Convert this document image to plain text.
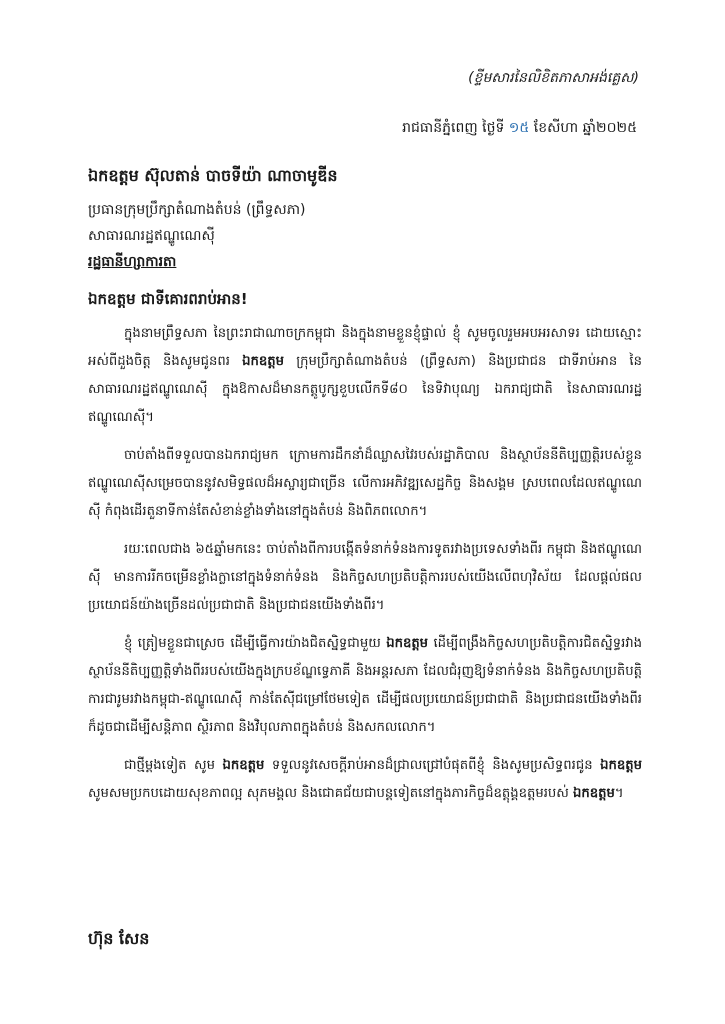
(ខ្ទីមសារនៃលិខិតភាសាអង់គ្លេស)
រាជធានីភ្នំពេញ ថ្ងៃទី ១៥ ខែសីហា ឆ្នាំ២០២៥
ឯកឧត្តម ស៊ុលតាន់ បាចទីយ៉ា ណាចាមូឌីន
ប្រធានក្រុមប្រឹក្សាតំណាងតំបន់ (ព្រឹទ្ធសភា)
សាធារណរដ្ឋឥណ្ឌូណេស៊ី
រដ្ឋធានីហ្សាការតា
ឯកឧត្តម ជាទីគោរពរាប់អាន!

ក្នុងនាមព្រឹទ្ធសភា នៃព្រះរាជាណាចក្រកម្ពុជា និងក្នុងនាមខ្លួនខ្ញុំផ្ទាល់ ខ្ញុំ សូមចូលរួមអបអរសាទរ ដោយស្មោះអស់ពីដួងចិត្ត និងសូមជូនពរ ឯកឧត្តម ក្រុមប្រឹក្សាតំណាងតំបន់ (ព្រឹទ្ធសភា) និងប្រជាជន ជាទីរាប់អាន នៃសាធារណរដ្ឋឥណ្ឌូណេស៊ី ក្នុងឱកាសដ៏មានកត្តូបូក្សខួបលើកទី៨០ នៃទិវាបុណ្យ ឯករាជ្យជាតិ នៃសាធារណរដ្ឋឥណ្ឌូណេស៊ី។

ចាប់តាំងពីទទួលបានឯករាជ្យមក ក្រោមការដឹកនាំដ៏ឈ្លាសវៃរបស់រដ្ឋាភិបាល និងស្ថាប័ននីតិប្បញ្ញត្តិរបស់ខ្លួន ឥណ្ឌូណេស៊ីសម្រេចបាននូវសមិទ្ធផលដ៏អស្ចារ្យជាច្រើន លើការអភិវឌ្ឍសេដ្ឋកិច្ច និងសង្គម ស្របពេលដែលឥណ្ឌូណេស៊ី កំពុងដើរតួនាទីកាន់តែសំខាន់ខ្លាំងទាំងនៅក្នុងតំបន់ និងពិភពលោក។

រយៈពេលជាង ៦៥ឆ្នាំមកនេះ ចាប់តាំងពីការបង្កើតទំនាក់ទំនងការទូតរវាងប្រទេសទាំងពីរ កម្ពុជា និងឥណ្ឌូណេស៊ី មានការរីកចម្រើនខ្លាំងក្លានៅក្នុងទំនាក់ទំនង និងកិច្ចសហប្រតិបត្តិការរបស់យើងលើពហុវិស័យ ដែលផ្តល់ផលប្រយោជន៍យ៉ាងច្រើនដល់ប្រជាជាតិ និងប្រជាជនយើងទាំងពីរ។

ខ្ញុំ ត្រៀមខ្លួនជាស្រេច ដើម្បីធ្វើការយ៉ាងជិតស្និទ្ធជាមួយ ឯកឧត្តម ដើម្បីពង្រឹងកិច្ចសហប្រតិបត្តិការជិតស្និទ្ធរវាងស្ថាប័ននីតិប្បញ្ញត្តិទាំងពីររបស់យើងក្នុងក្របខ័ណ្ឌទ្វេភាគី និងអន្តរសភា ដែលជំរុញឱ្យទំនាក់ទំនង និងកិច្ចសហប្រតិបត្តិការជារូមរវាងកម្ពុជា-ឥណ្ឌូណេស៊ី កាន់តែស៊ីជម្រៅថែមទៀត ដើម្បីផលប្រយោជន៍ប្រជាជាតិ និងប្រជាជនយើងទាំងពីរ ក៏ដូចជាដើម្បីសន្តិភាព ស្ថិរភាព និងវិបុលភាពក្នុងតំបន់ និងសកលលោក។

ជាថ្មីម្តងទៀត សូម ឯកឧត្តម ទទួលនូវសេចក្តីរាប់អានដ៏ជ្រាលជ្រៅបំផុតពីខ្ញុំ និងសូមប្រសិទ្ធពរជូន ឯកឧត្តម សូមសមប្រកបដោយសុខភាពល្អ សុភមង្គល និងជោគជ័យជាបន្តទៀតនៅក្នុងភារកិច្ចដ៏ឧត្តុង្គឧត្តមរបស់ ឯកឧត្តម។

ហ៊ុន សែន
